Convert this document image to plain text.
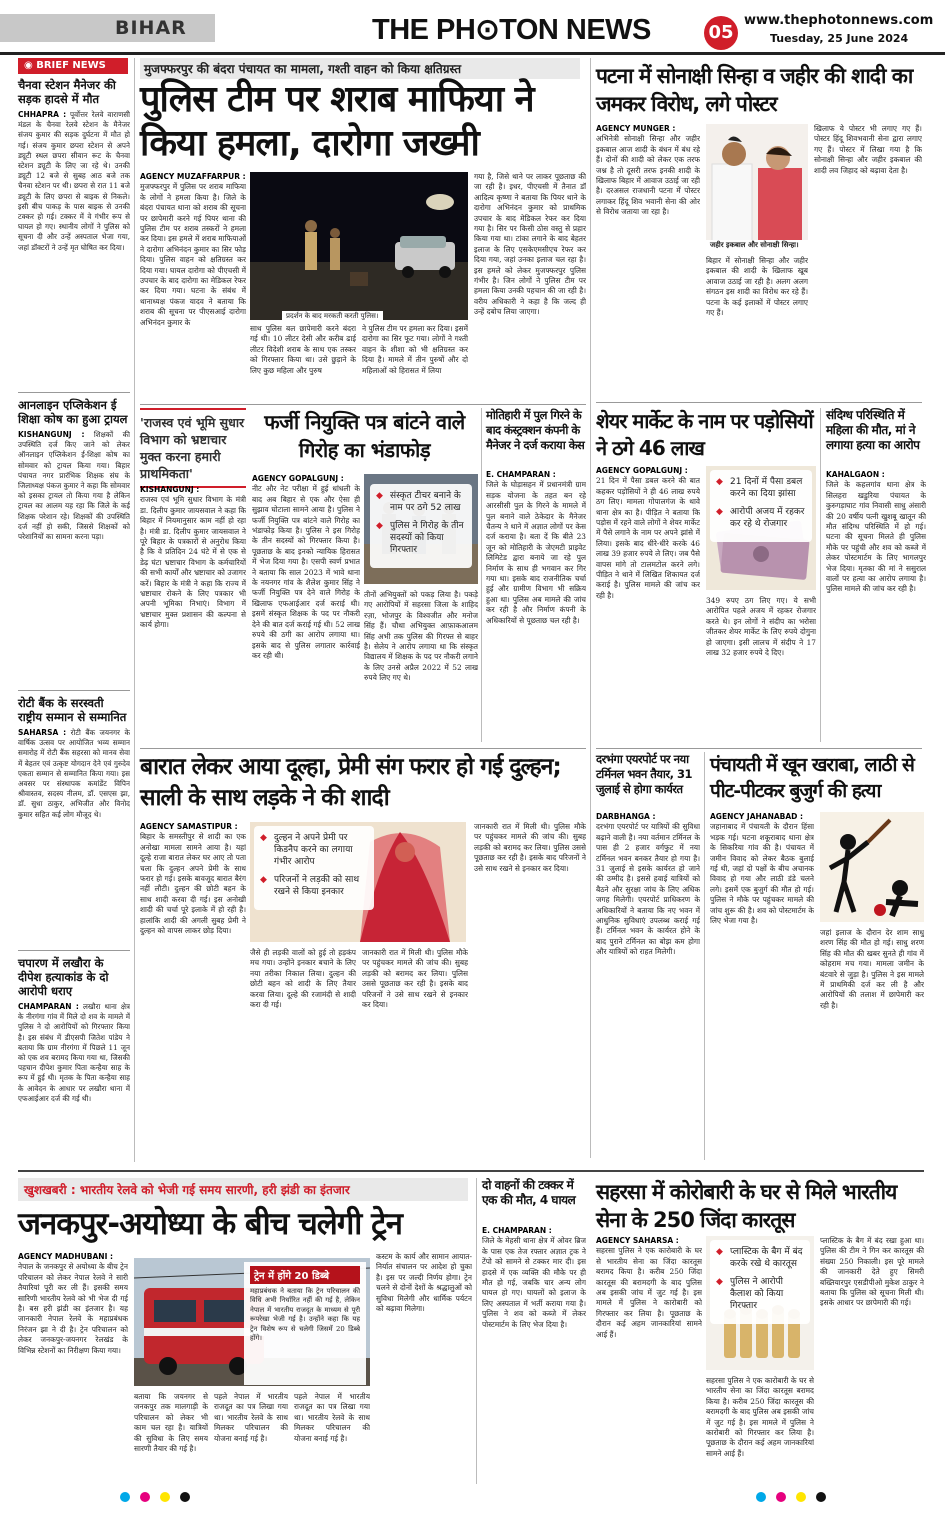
BIHAR	THE PH⊙TON NEWS	05
www.thephotonnews.com
Tuesday, 25 June 2024
◉ BRIEF NEWS
चैनवा स्टेशन मैनेजर की सड़क हादसे में मौत
CHHAPRA : पूर्वोत्तर रेलवे वाराणसी मंडल के चैनवा रेलवे स्टेशन के मैनेजर संजय कुमार की सड़क दुर्घटना में मौत हो गई। संजय कुमार छपरा स्टेशन से अपने ड्यूटी स्थल छपरा सीवान रूट के चैनवा स्टेशन ड्यूटी के लिए जा रहे थे। उनकी ड्यूटी 12 बजे से सुबह आठ बजे तक चैनवा स्टेशन पर थी। छपरा से रात 11 बजे ड्यूटी के लिए छपरा से बाइक से निकले। इसी बीच पाकड़ के पास बाइक से उनकी टक्कर हो गई। टक्कर में वे गंभीर रूप से घायल हो गए। स्थानीय लोगों ने पुलिस को सूचना दी और उन्हें अस्पताल भेजा गया, जहां डॉक्टरों ने उन्हें मृत घोषित कर दिया।
आनलाइन एप्लिकेशन ई शिक्षा कोष का हुआ ट्रायल
KISHANGUNJ : शिक्षकों की उपस्थिति दर्ज किए जाने को लेकर ऑनलाइन एप्लिकेशन ई-शिक्षा कोष का सोमवार को ट्रायल किया गया। बिहार पंचायत नगर प्रारंभिक शिक्षक संघ के जिलाध्यक्ष पंकज कुमार ने कहा कि सोमवार को इसका ट्रायल तो किया गया है लेकिन ट्रायल का आलम यह रहा कि जिले के कई शिक्षक परेशान रहे। शिक्षकों की उपस्थिति दर्ज नहीं हो सकी, जिससे शिक्षकों को परेशानियों का सामना करना पड़ा।
रोटी बैंक के सरस्वती राष्ट्रीय सम्मान से सम्मानित
SAHARSA : रोटी बैंक जयनगर के वार्षिक उत्सव पर आयोजित भव्य सम्मान समारोह में रोटी बैंक सहरसा को मानव सेवा में बेहतर एवं उत्कृष्ट योगदान देने एवं गुरुदेव एकता सम्मान से सम्मानित किया गया। इस अवसर पर संस्थापक कमांडेंट विपिन श्रीवास्तव, सदस्य नीलम, डॉ. एसएस झा, डॉ. सुधा ठाकुर, अभिजीत और विनोद कुमार सहित कई लोग मौजूद थे।
चपारण में लखौरा के दीपेश हत्याकांड के दो आरोपी धराए
CHAMPARAN : लखौरा थाना क्षेत्र के नीरगंगा गांव में मिले दो शव के मामले में पुलिस ने दो आरोपियों को गिरफ्तार किया है। इस संबंध में डीएसपी जितेश पांडेय ने बताया कि ग्राम नीरगंगा में पिछले 11 जून को एक शव बरामद किया गया था, जिसकी पहचान दीपेश कुमार पिता कन्हैया साह के रूप में हुई थी। मृतक के पिता कन्हैया साह के आवेदन के आधार पर लखौरा थाना में एफआईआर दर्ज की गई थी।
मुजफ्फरपुर की बंदरा पंचायत का मामला, गश्ती वाहन को किया क्षतिग्रस्त
पुलिस टीम पर शराब माफिया ने किया हमला, दारोगा जख्मी
AGENCY MUZAFFARPUR :
मुजफ्फरपुर में पुलिस पर शराब माफिया के लोगों ने हमला किया है। जिले के बंदरा पंचायत थाना को शराब की सूचना पर छापेमारी करने गई पियर थाना की पुलिस टीम पर शराब तस्करों ने हमला कर दिया। इस हमले में शराब माफियाओं ने दारोगा अभिनंदन कुमार का सिर फोड़ दिया। पुलिस वाहन को क्षतिग्रस्त कर दिया गया। घायल दारोगा को पीएचसी में उपचार के बाद दारोगा का मेडिकल रेफर कर दिया गया। घटना के संबंध में थानाध्यक्ष पंकज यादव ने बताया कि शराब की सूचना पर पीएसआई दारोगा अभिनंदन कुमार के
प्रदर्शन के बाद मरकती करती पुलिस।
साथ पुलिस बल छापेमारी करने बंदरा गई थी। 10 लीटर देसी और करीब ढाई लीटर विदेशी शराब के साथ एक तस्कर को गिरफ्तार किया था। उसे छुड़ाने के लिए कुछ महिला और पुरुष
ने पुलिस टीम पर हमला कर दिया। इसमें दारोगा का सिर फूट गया। लोगों ने गश्ती वाहन के शीशा को भी क्षतिग्रस्त कर दिया है। मामले में तीन पुरुषों और दो महिलाओं को हिरासत में लिया
गया है, जिसे थाने पर लाकर पूछताछ की जा रही है। इधर, पीएचसी में तैनात डॉ आदित्य कृष्णा ने बताया कि पियर थाने के दारोगा अभिनंदन कुमार को प्राथमिक उपचार के बाद मेडिकल रेफर कर दिया गया है। सिर पर किसी ठोस वस्तु से प्रहार किया गया था। टांका लगाने के बाद बेहतर इलाज के लिए एसकेएमसीएच रेफर कर दिया गया, जहां उनका इलाज चल रहा है। इस हमले को लेकर मुजफ्फरपुर पुलिस गंभीर है। जिन लोगों ने पुलिस टीम पर हमला किया उनकी पहचान की जा रही है। वरीय अधिकारी ने कहा है कि जल्द ही उन्हें दबोच लिया जाएगा।
'राजस्व एवं भूमि सुधार विभाग को भ्रष्टाचार मुक्त करना हमारी प्राथमिकता'
KISHANGUNJ :
राजस्व एवं भूमि सुधार विभाग के मंत्री डा. दिलीप कुमार जायसवाल ने कहा कि बिहार में नियमानुसार काम नहीं हो रहा है। मंत्री डा. दिलीप कुमार जायसवाल ने पूरे बिहार के पत्रकारों से अनुरोध किया है कि वे प्रतिदिन 24 घंटे में से एक से डेढ़ घंटा भ्रष्टाचार विभाग के कर्मचारियों की सभी कार्यों और भ्रष्टाचार को उजागर करें। बिहार के मंत्री ने कहा कि राज्य में भ्रष्टाचार रोकने के लिए पत्रकार भी अपनी भूमिका निभाएं। विभाग में भ्रष्टाचार मुक्त प्रशासन की कल्पना से कार्य होगा।
फर्जी नियुक्ति पत्र बांटने वाले गिरोह का भंडाफोड़
AGENCY GOPALGUNJ :
नीट और नेट परीक्षा में हुई धांधली के बाद अब बिहार से एक और ऐसा ही सुझाव घोटाला सामने आया है। पुलिस ने फर्जी नियुक्ति पत्र बांटने वाले गिरोह का भंडाफोड़ किया है। पुलिस ने इस गिरोह के तीन सदस्यों को गिरफ्तार किया है। पूछताछ के बाद इनको न्यायिक हिरासत में भेज दिया गया है। एसपी स्वर्ण प्रभात ने बताया कि साल 2023 में भावे थाना के नयनगर गांव के शैलेश कुमार सिंह ने फर्जी नियुक्ति पत्र देने वाले गिरोह के खिलाफ एफआईआर दर्ज कराई थी। इसमें संस्कृत शिक्षक के पद पर नौकरी देने की बात दर्ज कराई गई थी। 52 लाख रुपये की ठगी का आरोप लगाया था। इसके बाद से पुलिस लगातार कार्रवाई कर रही थी।
◆ संस्कृत टीचर बनाने के नाम पर ठगे 52 लाख
◆ पुलिस ने गिरोह के तीन सदस्यों को किया गिरफ्तार
तीनों अभियुक्तों को पकड़ लिया है। पकड़े गए आरोपियों में सहरसा जिला के शाहिद रज़ा, भोजपुर के विश्वजीत और मनोज सिंह हैं। चौथा अभियुक्त आफ़ाकआलम सिंह अभी तक पुलिस की गिरफ्त से बाहर है। सेलेय ने आरोप लगाया था कि संस्कृत विद्यालय में शिक्षक के पद पर नौकरी लगाने के लिए उनसे अप्रैल 2022 में 52 लाख रुपये लिए गए थे।
मोतिहारी में पुल गिरने के बाद कंस्ट्रक्शन कंपनी के मैनेजर ने दर्ज कराया केस
E. CHAMPARAN :
जिले के घोड़ासहन में प्रधानमंत्री ग्राम सड़क योजना के तहत बन रहे आरसीसी पुल के गिरने के मामले में पुल बनाने वाले ठेकेदार के मैनेजर चैतन्य ने थाने में अज्ञात लोगों पर केस दर्ज कराया है। बता दें कि बीते 23 जून को मोतिहारी के जेएमटी प्राइवेट लिमिटेड द्वारा बनाये जा रहे पुल निर्माण के साथ ही भगवान कर गिर गया था। इसके बाद राजनीतिक चर्चा हुई और ग्रामीण विभाग भी सक्रिय हुआ था। पुलिस अब मामले की जांच कर रही है और निर्माण कंपनी के अधिकारियों से पूछताछ चल रही है।
बारात लेकर आया दूल्हा, प्रेमी संग फरार हो गई दुल्हन; साली के साथ लड़के ने की शादी
AGENCY SAMASTIPUR :
बिहार के समस्तीपुर से शादी का एक अनोखा मामला सामने आया है। यहां दूल्हे राजा बारात लेकर घर आए तो पता चला कि दुल्हन अपने प्रेमी के साथ फरार हो गई। इसके बावजूद बारात बैरंग नहीं लौटी। दुल्हन की छोटी बहन के साथ शादी करवा दी गई। इस अनोखी शादी की चर्चा पूरे इलाके में हो रही है। हालांकि शादी की अगली सुबह प्रेमी ने दुल्हन को वापस लाकर छोड़ दिया।
◆ दुल्हन ने अपने प्रेमी पर किडनैप करने का लगाया गंभीर आरोप
◆ परिजनों ने लड़की को साथ रखने से किया इनकार
जैसे ही लड़की वालों को हुई तो हड़कंप मच गया। उन्होंने इनकार बचाने के लिए नया तरीका निकाल लिया। दुल्हन की छोटी बहन को शादी के लिए तैयार करवा लिया। दूल्हे की रजामंदी से शादी करा दी गई।
जानकारी रात में मिली थी। पुलिस मौके पर पहुंचकर मामले की जांच की। सुबह लड़की को बरामद कर लिया। पुलिस उससे पूछताछ कर रही है। इसके बाद परिजनों ने उसे साथ रखने से इनकार कर दिया।
जानकारी रात में मिली थी। पुलिस मौके पर पहुंचकर मामले की जांच की। सुबह लड़की को बरामद कर लिया। पुलिस उससे पूछताछ कर रही है। इसके बाद परिजनों ने उसे साथ रखने से इनकार कर दिया।
पटना में सोनाक्षी सिन्हा व जहीर की शादी का जमकर विरोध, लगे पोस्टर
AGENCY MUNGER :
अभिनेत्री सोनाक्षी सिन्हा और जहीर इकबाल आज शादी के बंधन में बंध रहे हैं। दोनों की शादी को लेकर एक तरफ जश्न है तो दूसरी तरफ इनकी शादी के खिलाफ बिहार में आवाज उठाई जा रही है। दरअसल राजधानी पटना में पोस्टर लगाकर हिंदू शिव भवानी सेना की ओर से विरोध जताया जा रहा है।
जहीर इकबाल और सोनाक्षी सिन्हा।
बिहार में सोनाक्षी सिन्हा और जहीर इकबाल की शादी के खिलाफ खूब आवाज उठाई जा रही है। अलग अलग संगठन इस शादी का विरोध कर रहे हैं। पटना के कई इलाकों में पोस्टर लगाए गए हैं।
खिलाफ ये पोस्टर भी लगाए गए हैं। पोस्टर हिंदू शिवभवानी सेना द्वारा लगाए गए हैं। पोस्टर में लिखा गया है कि सोनाक्षी सिन्हा और जहीर इकबाल की शादी लव जिहाद को बढ़ावा देता है।
शेयर मार्केट के नाम पर पड़ोसियों ने ठगे 46 लाख
AGENCY GOPALGUNJ :
21 दिन में पैसा डबल करने की बात कहकर पड़ोसियों ने ही 46 लाख रुपये ठग लिए। मामला गोपालगंज के थावे थाना क्षेत्र का है। पीड़ित ने बताया कि पड़ोस में रहने वाले लोगों ने शेयर मार्केट में पैसे लगाने के नाम पर अपने झांसे में लिया। इसके बाद धीरे-धीरे करके 46 लाख 39 हजार रुपये ले लिए। जब पैसे वापस मांगे तो टालमटोल करने लगे। पीड़ित ने थाने में लिखित शिकायत दर्ज कराई है। पुलिस मामले की जांच कर रही है।
◆ 21 दिनों में पैसा डबल करने का दिया झांसा
◆ आरोपी अजय में रहकर कर रहे थे रोजगार
349 रुपए ठग लिए गए। ये सभी आरोपित पहले अजय में रहकर रोजगार करते थे। इन लोगों ने संदीप का भरोसा जीतकर शेयर मार्केट के लिए रुपये दोगुना हो जाएगा। इसी लालच में संदीप ने 17 लाख 32 हजार रुपये दे दिए।
संदिग्ध परिस्थिति में महिला की मौत, मां ने लगाया हत्या का आरोप
KAHALGAON :
जिले के कहलगांव थाना क्षेत्र के सिलहरा खडुरिया पंचायत के कुरुगड़ाघाट गांव निवासी साधु अंसारी की 20 वर्षीय पत्नी खुशबू खातून की मौत संदिग्ध परिस्थिति में हो गई। घटना की सूचना मिलते ही पुलिस मौके पर पहुंची और शव को कब्जे में लेकर पोस्टमार्टम के लिए भागलपुर भेज दिया। मृतका की मां ने ससुराल वालों पर हत्या का आरोप लगाया है। पुलिस मामले की जांच कर रही है।
दरभंगा एयरपोर्ट पर नया टर्मिनल भवन तैयार, 31 जुलाई से होगा कार्यरत
DARBHANGA :
दरभंगा एयरपोर्ट पर यात्रियों की सुविधा बढ़ाने वाली है। नया वर्तमान टर्मिनल के पास ही 2 हजार वर्गफुट में नया टर्मिनल भवन बनकर तैयार हो गया है। 31 जुलाई से इसके कार्यरत हो जाने की उम्मीद है। इससे हवाई यात्रियों को बैठने और सुरक्षा जांच के लिए अधिक जगह मिलेगी। एयरपोर्ट प्राधिकरण के अधिकारियों ने बताया कि नए भवन में आधुनिक सुविधाएं उपलब्ध कराई गई हैं। टर्मिनल भवन के कार्यरत होने के बाद पुराने टर्मिनल का बोझ कम होगा और यात्रियों को राहत मिलेगी।
पंचायती में खून खराबा, लाठी से पीट-पीटकर बुजुर्ग की हत्या
AGENCY JAHANABAD :
जहानाबाद में पंचायती के दौरान हिंसा भड़क गई। घटना शकूराबाद थाना क्षेत्र के सिकरिया गांव की है। पंचायत में जमीन विवाद को लेकर बैठक बुलाई गई थी, जहां दो पक्षों के बीच अचानक विवाद हो गया और लाठी डंडे चलने लगे। इसमें एक बुजुर्ग की मौत हो गई। पुलिस ने मौके पर पहुंचकर मामले की जांच शुरू की है। शव को पोस्टमार्टम के लिए भेजा गया है।
जहां इलाज के दौरान देर शाम साधु शरण सिंह की मौत हो गई। साधु शरण सिंह की मौत की खबर सुनते ही गांव में कोहराम मच गया। मामला जमीन के बंटवारे से जुड़ा है। पुलिस ने इस मामले में प्राथमिकी दर्ज कर ली है और आरोपियों की तलाश में छापेमारी कर रही है।
खुशखबरी : भारतीय रेलवे को भेजी गई समय सारणी, हरी झंडी का इंतजार
जनकपुर-अयोध्या के बीच चलेगी ट्रेन
AGENCY MADHUBANI :
नेपाल के जनकपुर से अयोध्या के बीच ट्रेन परिचालन को लेकर नेपाल रेलवे ने सारी तैयारियां पूरी कर ली हैं। इसकी समय सारिणी भारतीय रेलवे को भी भेज दी गई है। बस हरी झंडी का इंतजार है। यह जानकारी नेपाल रेलवे के महाप्रबंधक निरंजन झा ने दी है। ट्रेन परिचालन को लेकर जनकपुर-जयनगर रेलखंड के विभिन्न स्टेशनों का निरीक्षण किया गया।
ट्रेन में होंगे 20 डिब्बे
महाप्रबंधक ने बताया कि ट्रेन परिचालन की विधि अभी निर्धारित नहीं की गई है, लेकिन नेपाल में भारतीय राजदूत के माध्यम से पूरी रूपरेखा भेजी गई है। उन्होंने कहा कि यह ट्रेन विशेष रूप से चलेगी जिसमें 20 डिब्बे होंगे।
बताया कि जयनगर से जनकपुर तक मालगाड़ी के परिचालन को लेकर भी काम चल रहा है। यात्रियों की सुविधा के लिए समय सारणी तैयार की गई है।
पहले नेपाल में भारतीय राजदूत का पत्र लिखा गया था। भारतीय रेलवे के साथ मिलकर परिचालन की योजना बनाई गई है।
पहले नेपाल में भारतीय राजदूत का पत्र लिखा गया था। भारतीय रेलवे के साथ मिलकर परिचालन की योजना बनाई गई है।
कस्टम के कार्य और सामान आयात-निर्यात संचालन पर आदेश हो चुका है। इस पर जल्दी निर्णय होगा। ट्रेन चलने से दोनों देशों के श्रद्धालुओं को सुविधा मिलेगी और धार्मिक पर्यटन को बढ़ावा मिलेगा।
दो वाहनों की टक्कर में एक की मौत, 4 घायल
E. CHAMPARAN :
जिले के मेहसी थाना क्षेत्र में ओवर ब्रिज के पास एक तेज रफ्तार अज्ञात ट्रक ने टेंपो को सामने से टक्कर मार दी। इस हादसे में एक व्यक्ति की मौके पर ही मौत हो गई, जबकि चार अन्य लोग घायल हो गए। घायलों को इलाज के लिए अस्पताल में भर्ती कराया गया है। पुलिस ने शव को कब्जे में लेकर पोस्टमार्टम के लिए भेज दिया है।
सहरसा में कोरोबारी के घर से मिले भारतीय सेना के 250 जिंदा कारतूस
AGENCY SAHARSA :
सहरसा पुलिस ने एक कारोबारी के घर से भारतीय सेना का जिंदा कारतूस बरामद किया है। करीब 250 जिंदा कारतूस की बरामदगी के बाद पुलिस अब इसकी जांच में जुट गई है। इस मामले में पुलिस ने कारोबारी को गिरफ्तार कर लिया है। पूछताछ के दौरान कई अहम जानकारियां सामने आई हैं।
◆ प्लास्टिक के बैग में बंद करके रखे थे कारतूस
◆ पुलिस ने आरोपी कैलाश को किया गिरफ्तार
सहरसा पुलिस ने एक कारोबारी के घर से भारतीय सेना का जिंदा कारतूस बरामद किया है। करीब 250 जिंदा कारतूस की बरामदगी के बाद पुलिस अब इसकी जांच में जुट गई है। इस मामले में पुलिस ने कारोबारी को गिरफ्तार कर लिया है। पूछताछ के दौरान कई अहम जानकारियां सामने आई हैं।
प्लास्टिक के बैग में बंद रखा हुआ था। पुलिस की टीम ने गिन कर कारतूस की संख्या 250 निकाली। इस पूरे मामले की जानकारी देते हुए सिमरी बख्तियारपुर एसडीपीओ मुकेश ठाकुर ने बताया कि पुलिस को सूचना मिली थी। इसके आधार पर छापेमारी की गई।
